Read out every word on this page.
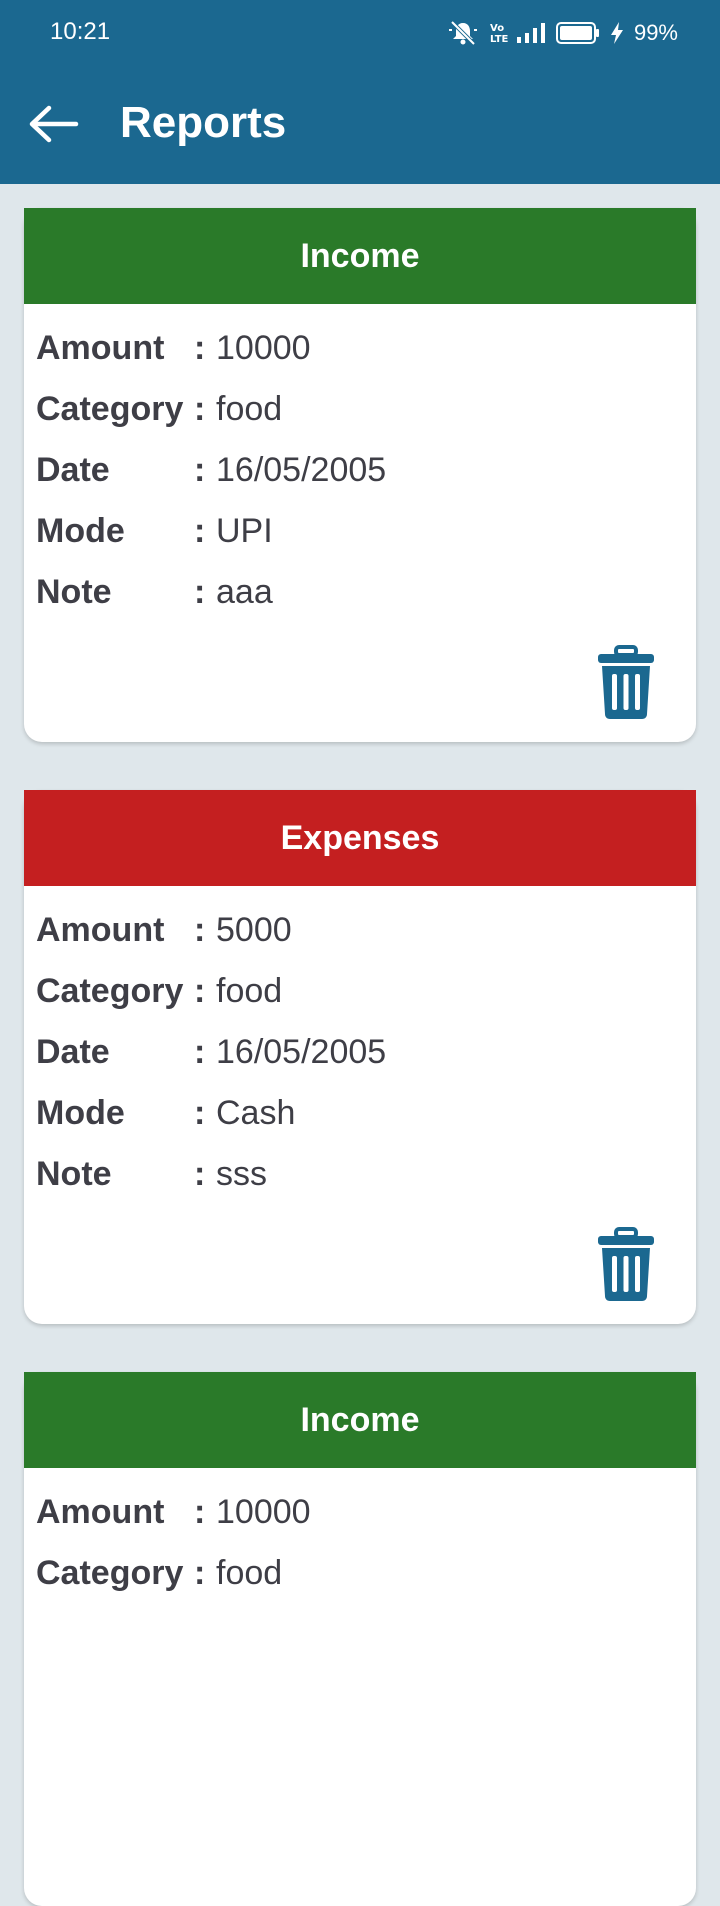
10:21	Vo
LTE	99%
Reports
Income
Amount : 10000
Category : food
Date	: 16/05/2005
Mode	: UPI
Note	: aaa
Expenses
Amount : 5000
Category : food
Date	: 16/05/2005
Mode	: Cash
Note	: sss
Income
Amount : 10000
Category : food
